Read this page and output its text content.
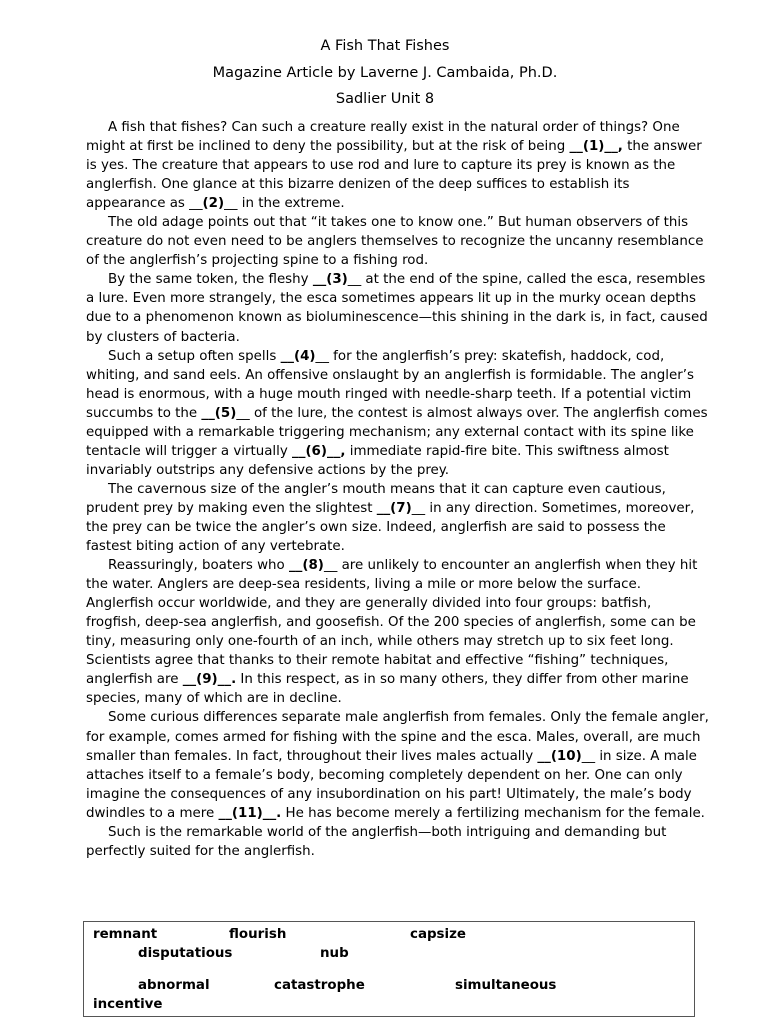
A Fish That Fishes
Magazine Article by Laverne J. Cambaida, Ph.D.
Sadlier Unit 8

A fish that fishes? Can such a creature really exist in the natural order of things? One might at first be inclined to deny the possibility, but at the risk of being __(1)__, the answer is yes. The creature that appears to use rod and lure to capture its prey is known as the anglerfish. One glance at this bizarre denizen of the deep suffices to establish its appearance as __(2)__ in the extreme.

The old adage points out that “it takes one to know one.” But human observers of this creature do not even need to be anglers themselves to recognize the uncanny resemblance of the anglerfish’s projecting spine to a fishing rod.

By the same token, the fleshy __(3)__ at the end of the spine, called the esca, resembles a lure. Even more strangely, the esca sometimes appears lit up in the murky ocean depths due to a phenomenon known as bioluminescence—this shining in the dark is, in fact, caused by clusters of bacteria.

Such a setup often spells __(4)__ for the anglerfish’s prey: skatefish, haddock, cod, whiting, and sand eels. An offensive onslaught by an anglerfish is formidable. The angler’s head is enormous, with a huge mouth ringed with needle-sharp teeth. If a potential victim succumbs to the __(5)__ of the lure, the contest is almost always over. The anglerfish comes equipped with a remarkable triggering mechanism; any external contact with its spine like tentacle will trigger a virtually __(6)__, immediate rapid-fire bite. This swiftness almost invariably outstrips any defensive actions by the prey.

The cavernous size of the angler’s mouth means that it can capture even cautious, prudent prey by making even the slightest __(7)__ in any direction. Sometimes, moreover, the prey can be twice the angler’s own size. Indeed, anglerfish are said to possess the fastest biting action of any vertebrate.

Reassuringly, boaters who __(8)__ are unlikely to encounter an anglerfish when they hit the water. Anglers are deep-sea residents, living a mile or more below the surface. Anglerfish occur worldwide, and they are generally divided into four groups: batfish, frogfish, deep-sea anglerfish, and goosefish. Of the 200 species of anglerfish, some can be tiny, measuring only one-fourth of an inch, while others may stretch up to six feet long. Scientists agree that thanks to their remote habitat and effective “fishing” techniques, anglerfish are __(9)__. In this respect, as in so many others, they differ from other marine species, many of which are in decline.

Some curious differences separate male anglerfish from females. Only the female angler, for example, comes armed for fishing with the spine and the esca. Males, overall, are much smaller than females. In fact, throughout their lives males actually __(10)__ in size. A male attaches itself to a female’s body, becoming completely dependent on her. One can only imagine the consequences of any insubordination on his part! Ultimately, the male’s body dwindles to a mere __(11)__. He has become merely a fertilizing mechanism for the female.

Such is the remarkable world of the anglerfish—both intriguing and demanding but perfectly suited for the anglerfish.

remnant	flourish	capsize
disputatious	nub
abnormal	catastrophe	simultaneous
incentive
